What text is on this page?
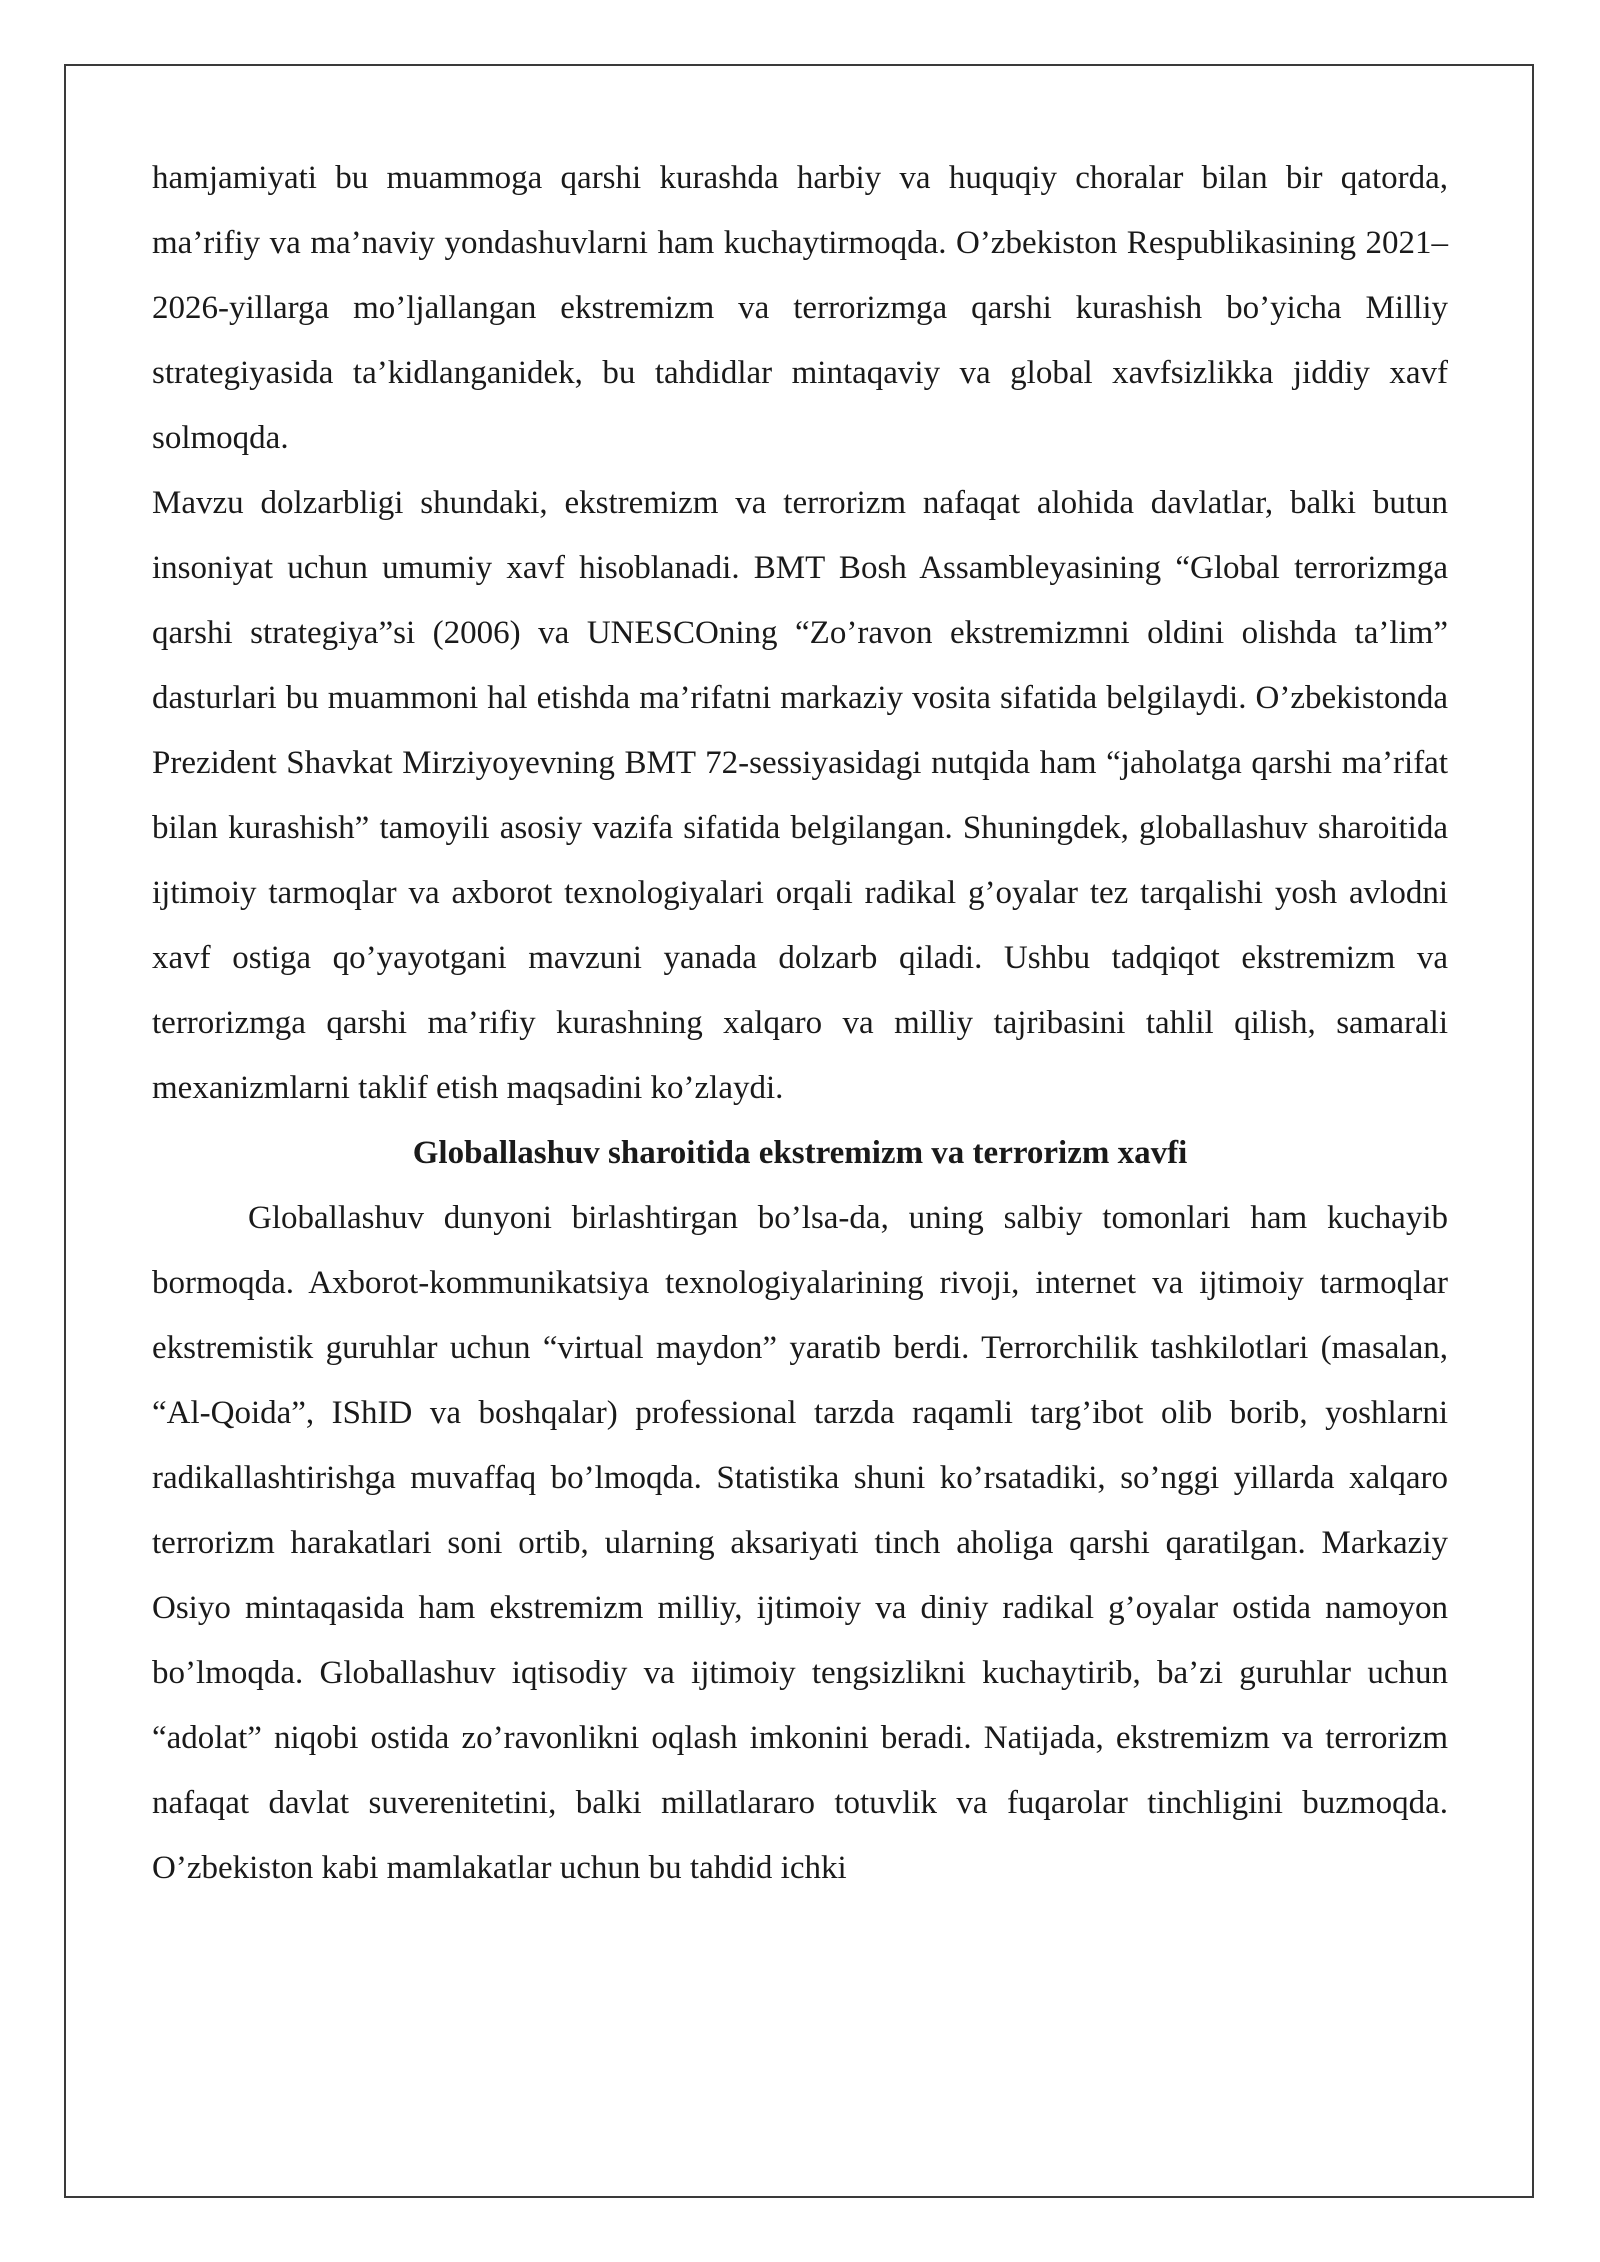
hamjamiyati bu muammoga qarshi kurashda harbiy va huquqiy choralar bilan bir qatorda, ma’rifiy va ma’naviy yondashuvlarni ham kuchaytirmoqda. O’zbekiston Respublikasining 2021–2026-yillarga mo’ljallangan ekstremizm va terrorizmga qarshi kurashish bo’yicha Milliy strategiyasida ta’kidlanganidek, bu tahdidlar mintaqaviy va global xavfsizlikka jiddiy xavf solmoqda.

Mavzu dolzarbligi shundaki, ekstremizm va terrorizm nafaqat alohida davlatlar, balki butun insoniyat uchun umumiy xavf hisoblanadi. BMT Bosh Assambleyasining “Global terrorizmga qarshi strategiya”si (2006) va UNESCOning “Zo’ravon ekstremizmni oldini olishda ta’lim” dasturlari bu muammoni hal etishda ma’rifatni markaziy vosita sifatida belgilaydi. O’zbekistonda Prezident Shavkat Mirziyoyevning BMT 72-sessiyasidagi nutqida ham “jaholatga qarshi ma’rifat bilan kurashish” tamoyili asosiy vazifa sifatida belgilangan. Shuningdek, globallashuv sharoitida ijtimoiy tarmoqlar va axborot texnologiyalari orqali radikal g’oyalar tez tarqalishi yosh avlodni xavf ostiga qo’yayotgani mavzuni yanada dolzarb qiladi. Ushbu tadqiqot ekstremizm va terrorizmga qarshi ma’rifiy kurashning xalqaro va milliy tajribasini tahlil qilish, samarali mexanizmlarni taklif etish maqsadini ko’zlaydi.

Globallashuv sharoitida ekstremizm va terrorizm xavfi

Globallashuv dunyoni birlashtirgan bo’lsa-da, uning salbiy tomonlari ham kuchayib bormoqda. Axborot-kommunikatsiya texnologiyalarining rivoji, internet va ijtimoiy tarmoqlar ekstremistik guruhlar uchun “virtual maydon” yaratib berdi. Terrorchilik tashkilotlari (masalan, “Al-Qoida”, IShID va boshqalar) professional tarzda raqamli targ’ibot olib borib, yoshlarni radikallashtirishga muvaffaq bo’lmoqda. Statistika shuni ko’rsatadiki, so’nggi yillarda xalqaro terrorizm harakatlari soni ortib, ularning aksariyati tinch aholiga qarshi qaratilgan. Markaziy Osiyo mintaqasida ham ekstremizm milliy, ijtimoiy va diniy radikal g’oyalar ostida namoyon bo’lmoqda. Globallashuv iqtisodiy va ijtimoiy tengsizlikni kuchaytirib, ba’zi guruhlar uchun “adolat” niqobi ostida zo’ravonlikni oqlash imkonini beradi. Natijada, ekstremizm va terrorizm nafaqat davlat suverenitetini, balki millatlararo totuvlik va fuqarolar tinchligini buzmoqda. O’zbekiston kabi mamlakatlar uchun bu tahdid ichki
